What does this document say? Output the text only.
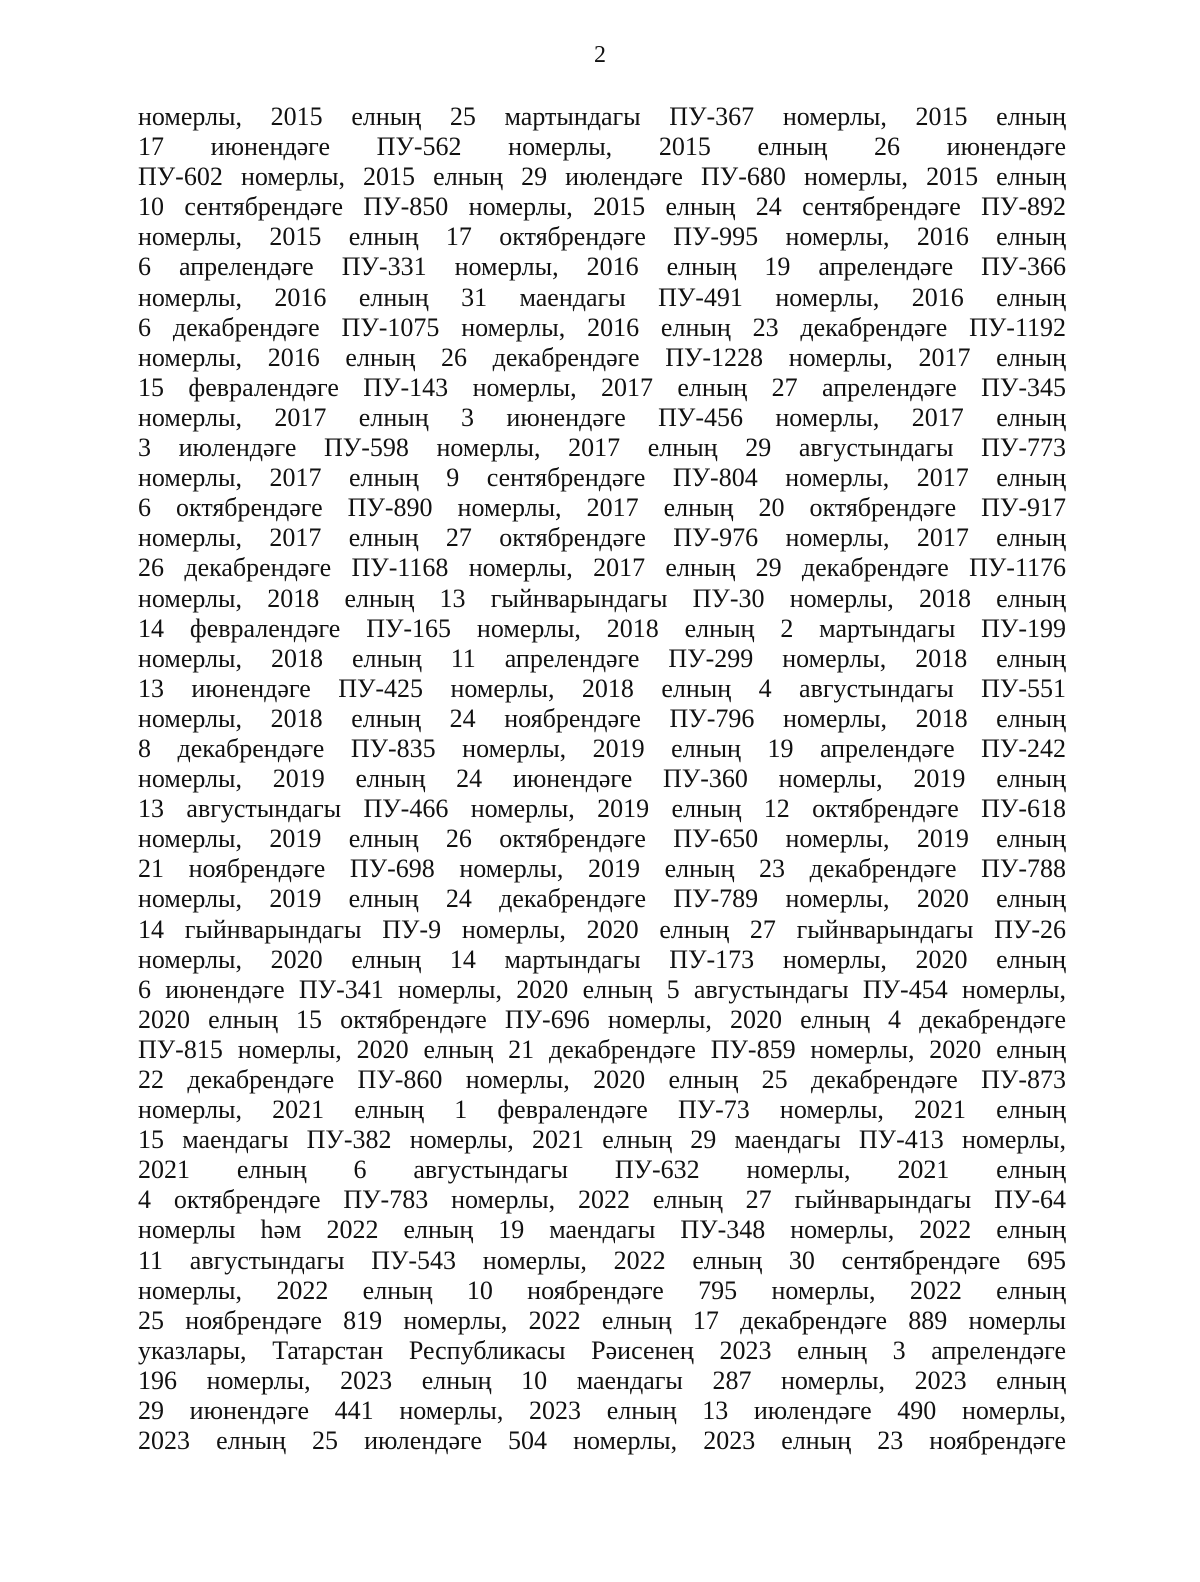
2
номерлы, 2015 елның 25 мартындагы ПУ-367 номерлы, 2015 елның
17 июнендәге ПУ-562 номерлы, 2015 елның 26 июнендәге
ПУ-602 номерлы, 2015 елның 29 июлендәге ПУ-680 номерлы, 2015 елның
10 сентябрендәге ПУ-850 номерлы, 2015 елның 24 сентябрендәге ПУ-892
номерлы, 2015 елның 17 октябрендәге ПУ-995 номерлы, 2016 елның
6 апрелендәге ПУ-331 номерлы, 2016 елның 19 апрелендәге ПУ-366
номерлы, 2016 елның 31 маендагы ПУ-491 номерлы, 2016 елның
6 декабрендәге ПУ-1075 номерлы, 2016 елның 23 декабрендәге ПУ-1192
номерлы, 2016 елның 26 декабрендәге ПУ-1228 номерлы, 2017 елның
15 февралендәге ПУ-143 номерлы, 2017 елның 27 апрелендәге ПУ-345
номерлы, 2017 елның 3 июнендәге ПУ-456 номерлы, 2017 елның
3 июлендәге ПУ-598 номерлы, 2017 елның 29 августындагы ПУ-773
номерлы, 2017 елның 9 сентябрендәге ПУ-804 номерлы, 2017 елның
6 октябрендәге ПУ-890 номерлы, 2017 елның 20 октябрендәге ПУ-917
номерлы, 2017 елның 27 октябрендәге ПУ-976 номерлы, 2017 елның
26 декабрендәге ПУ-1168 номерлы, 2017 елның 29 декабрендәге ПУ-1176
номерлы, 2018 елның 13 гыйнварындагы ПУ-30 номерлы, 2018 елның
14 февралендәге ПУ-165 номерлы, 2018 елның 2 мартындагы ПУ-199
номерлы, 2018 елның 11 апрелендәге ПУ-299 номерлы, 2018 елның
13 июнендәге ПУ-425 номерлы, 2018 елның 4 августындагы ПУ-551
номерлы, 2018 елның 24 ноябрендәге ПУ-796 номерлы, 2018 елның
8 декабрендәге ПУ-835 номерлы, 2019 елның 19 апрелендәге ПУ-242
номерлы, 2019 елның 24 июнендәге ПУ-360 номерлы, 2019 елның
13 августындагы ПУ-466 номерлы, 2019 елның 12 октябрендәге ПУ-618
номерлы, 2019 елның 26 октябрендәге ПУ-650 номерлы, 2019 елның
21 ноябрендәге ПУ-698 номерлы, 2019 елның 23 декабрендәге ПУ-788
номерлы, 2019 елның 24 декабрендәге ПУ-789 номерлы, 2020 елның
14 гыйнварындагы ПУ-9 номерлы, 2020 елның 27 гыйнварындагы ПУ-26
номерлы, 2020 елның 14 мартындагы ПУ-173 номерлы, 2020 елның
6 июнендәге ПУ-341 номерлы, 2020 елның 5 августындагы ПУ-454 номерлы,
2020 елның 15 октябрендәге ПУ-696 номерлы, 2020 елның 4 декабрендәге
ПУ-815 номерлы, 2020 елның 21 декабрендәге ПУ-859 номерлы, 2020 елның
22 декабрендәге ПУ-860 номерлы, 2020 елның 25 декабрендәге ПУ-873
номерлы, 2021 елның 1 февралендәге ПУ-73 номерлы, 2021 елның
15 маендагы ПУ-382 номерлы, 2021 елның 29 маендагы ПУ-413 номерлы,
2021 елның 6 августындагы ПУ-632 номерлы, 2021 елның
4 октябрендәге ПУ-783 номерлы, 2022 елның 27 гыйнварындагы ПУ-64
номерлы һәм 2022 елның 19 маендагы ПУ-348 номерлы, 2022 елның
11 августындагы ПУ-543 номерлы, 2022 елның 30 сентябрендәге 695
номерлы, 2022 елның 10 ноябрендәге 795 номерлы, 2022 елның
25 ноябрендәге 819 номерлы, 2022 елның 17 декабрендәге 889 номерлы
указлары, Татарстан Республикасы Рәисенең 2023 елның 3 апрелендәге
196 номерлы, 2023 елның 10 маендагы 287 номерлы, 2023 елның
29 июнендәге 441 номерлы, 2023 елның 13 июлендәге 490 номерлы,
2023 елның 25 июлендәге 504 номерлы, 2023 елның 23 ноябрендәге
